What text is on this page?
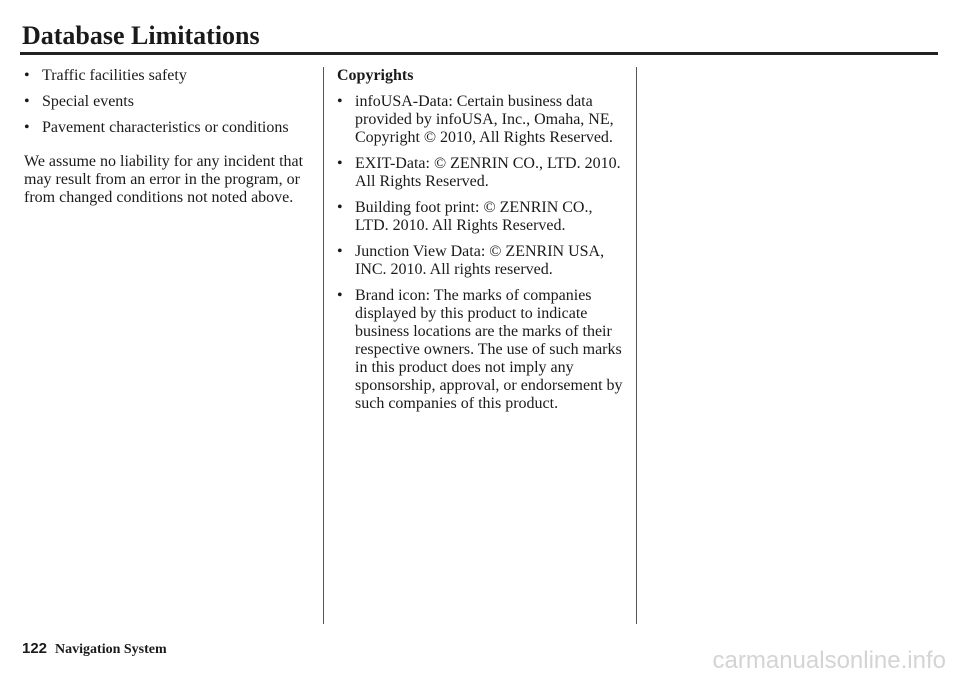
Database Limitations
• Traffic facilities safety
• Special events
• Pavement characteristics or conditions

We assume no liability for any incident that may result from an error in the program, or from changed conditions not noted above.

Copyrights
• infoUSA-Data: Certain business data provided by infoUSA, Inc., Omaha, NE, Copyright © 2010, All Rights Reserved.
• EXIT-Data: © ZENRIN CO., LTD. 2010. All Rights Reserved.
• Building foot print: © ZENRIN CO., LTD. 2010. All Rights Reserved.
• Junction View Data: © ZENRIN USA, INC. 2010. All rights reserved.
• Brand icon: The marks of companies displayed by this product to indicate business locations are the marks of their respective owners. The use of such marks in this product does not imply any sponsorship, approval, or endorsement by such companies of this product.
122 Navigation System	carmanualsonline.info
